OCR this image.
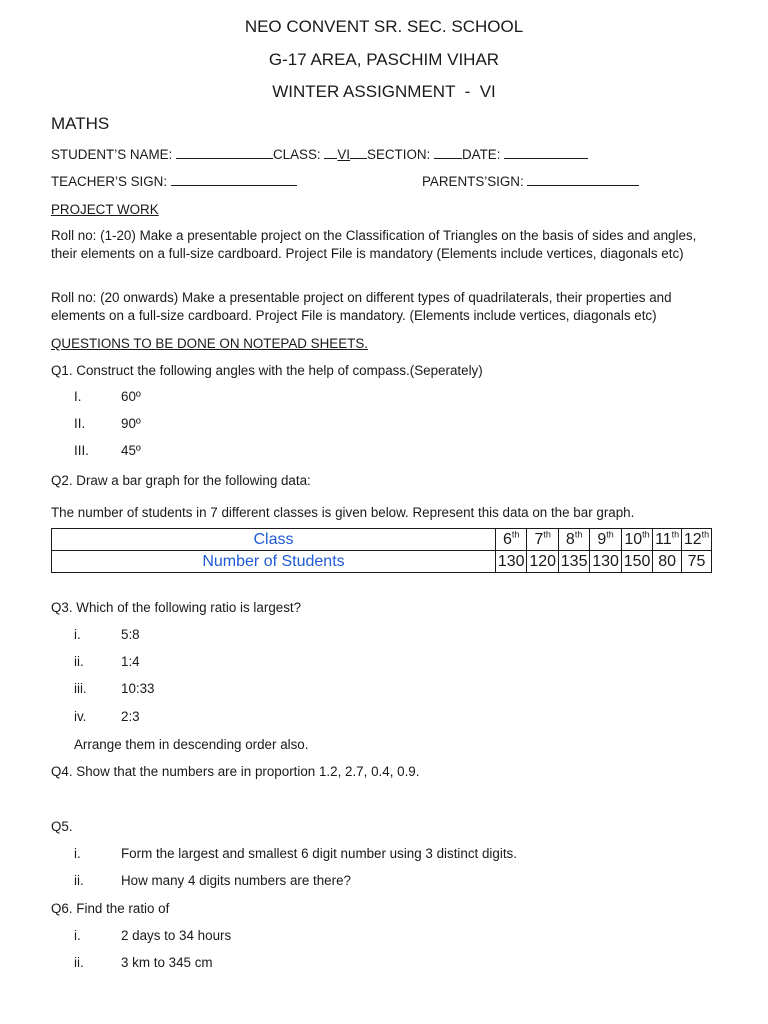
NEO CONVENT SR. SEC. SCHOOL
G-17 AREA, PASCHIM VIHAR
WINTER ASSIGNMENT  -  VI
MATHS
STUDENT’S NAME:	CLASS: VI SECTION: DATE:
TEACHER’S SIGN:	PARENTS’SIGN:
PROJECT WORK
Roll no: (1-20) Make a presentable project on the Classification of Triangles on the basis of sides and angles, their elements on a full-size cardboard. Project File is mandatory (Elements include vertices, diagonals etc)
Roll no: (20 onwards) Make a presentable project on different types of quadrilaterals, their properties and elements on a full-size cardboard. Project File is mandatory. (Elements include vertices, diagonals etc)
QUESTIONS TO BE DONE ON NOTEPAD SHEETS.
Q1. Construct the following angles with the help of compass.(Seperately)
I.	60º
II.	90º
III. 45º
Q2. Draw a bar graph for the following data:
The number of students in 7 different classes is given below. Represent this data on the bar graph.
Class	6th	7th	8th	9th	10th	11th	12th
Number of Students	130	120	135	130	150	80	75
Q3. Which of the following ratio is largest?
i.	5:8
ii.	1:4
iii.	10:33
iv.	2:3
Arrange them in descending order also.
Q4. Show that the numbers are in proportion 1.2, 2.7, 0.4, 0.9.
Q5.
i.	Form the largest and smallest 6 digit number using 3 distinct digits.
ii.	How many 4 digits numbers are there?
Q6. Find the ratio of
i.	2 days to 34 hours
ii.	3 km to 345 cm
